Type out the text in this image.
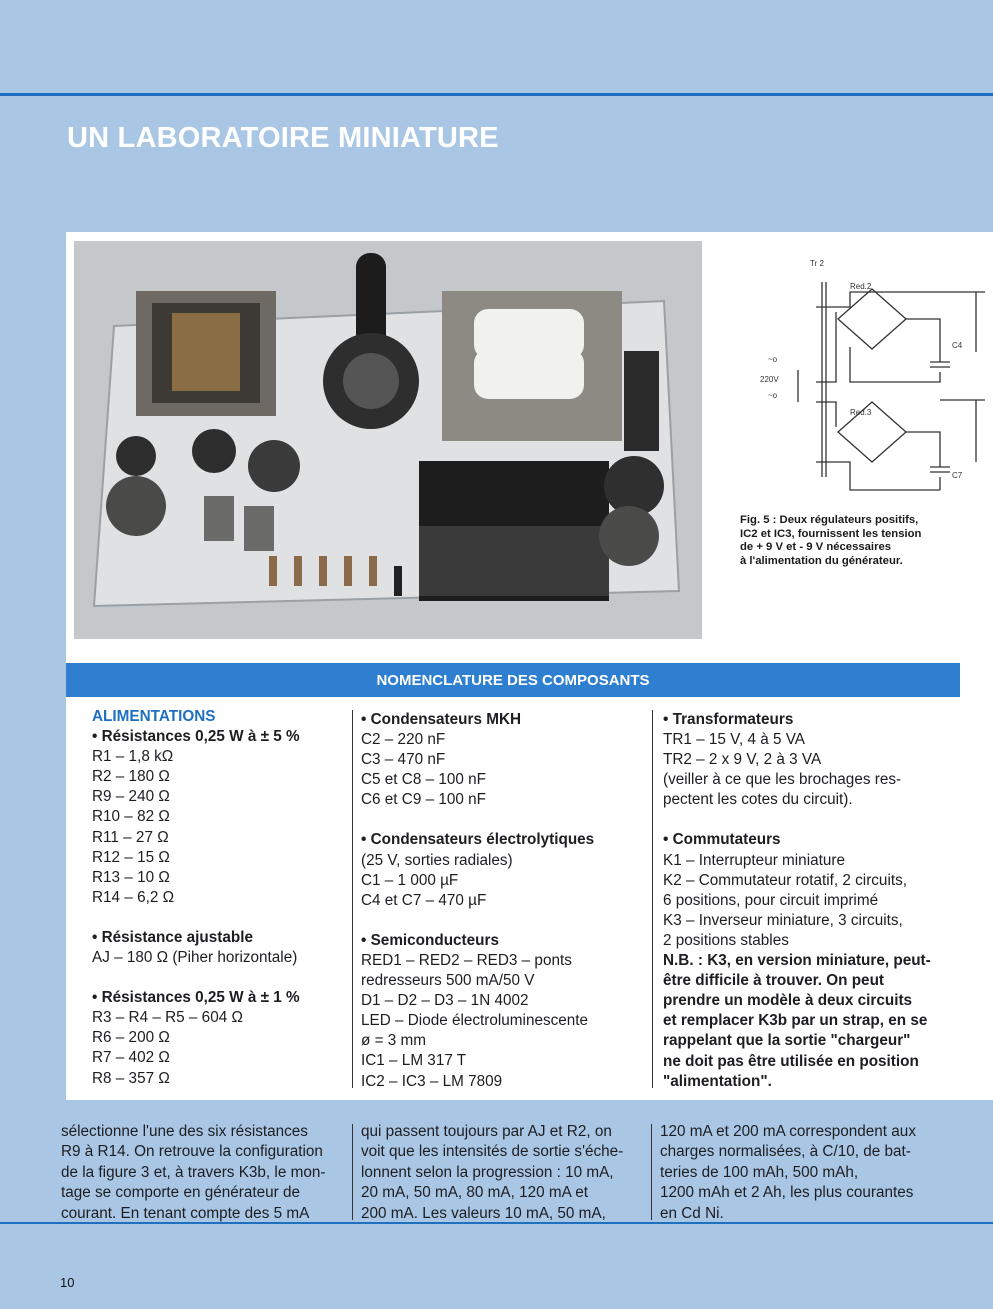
UN LABORATOIRE MINIATURE
Tr 2
Red.2
Red.3
C4
C7
220V
~o
~o

Fig. 5 : Deux régulateurs positifs,

IC2 et IC3, fournissent les tension

de + 9 V et - 9 V nécessaires

à l'alimentation du générateur.

NOMENCLATURE DES COMPOSANTS

ALIMENTATIONS

• Résistances 0,25 W à ± 5 %

R1 – 1,8 kΩ

R2 – 180 Ω

R9 – 240 Ω

R10 – 82 Ω

R11 – 27 Ω

R12 – 15 Ω

R13 – 10 Ω

R14 – 6,2 Ω

• Résistance ajustable

AJ – 180 Ω (Piher horizontale)

• Résistances 0,25 W à ± 1 %

R3 – R4 – R5 – 604 Ω

R6 – 200 Ω

R7 – 402 Ω

R8 – 357 Ω

• Condensateurs MKH

C2 – 220 nF

C3 – 470 nF

C5 et C8 – 100 nF

C6 et C9 – 100 nF

• Condensateurs électrolytiques

(25 V, sorties radiales)

C1 – 1 000 µF

C4 et C7 – 470 µF

• Semiconducteurs

RED1 – RED2 – RED3 – ponts

redresseurs 500 mA/50 V

D1 – D2 – D3 – 1N 4002

LED – Diode électroluminescente

ø = 3 mm

IC1 – LM 317 T

IC2 – IC3 – LM 7809

• Transformateurs

TR1 – 15 V, 4 à 5 VA

TR2 – 2 x 9 V, 2 à 3 VA

(veiller à ce que les brochages res-

pectent les cotes du circuit).

• Commutateurs

K1 – Interrupteur miniature

K2 – Commutateur rotatif, 2 circuits,

6 positions, pour circuit imprimé

K3 – Inverseur miniature, 3 circuits,

2 positions stables

N.B. : K3, en version miniature, peut-

être difficile à trouver. On peut

prendre un modèle à deux circuits

et remplacer K3b par un strap, en se

rappelant que la sortie "chargeur"

ne doit pas être utilisée en position

"alimentation".

sélectionne l'une des six résistances

R9 à R14. On retrouve la configuration

de la figure 3 et, à travers K3b, le mon-

tage se comporte en générateur de

courant. En tenant compte des 5 mA

qui passent toujours par AJ et R2, on

voit que les intensités de sortie s'éche-

lonnent selon la progression : 10 mA,

20 mA, 50 mA, 80 mA, 120 mA et

200 mA. Les valeurs 10 mA, 50 mA,

120 mA et 200 mA correspondent aux

charges normalisées, à C/10, de bat-

teries de 100 mAh, 500 mAh,

1200 mAh et 2 Ah, les plus courantes

en Cd Ni.

10
